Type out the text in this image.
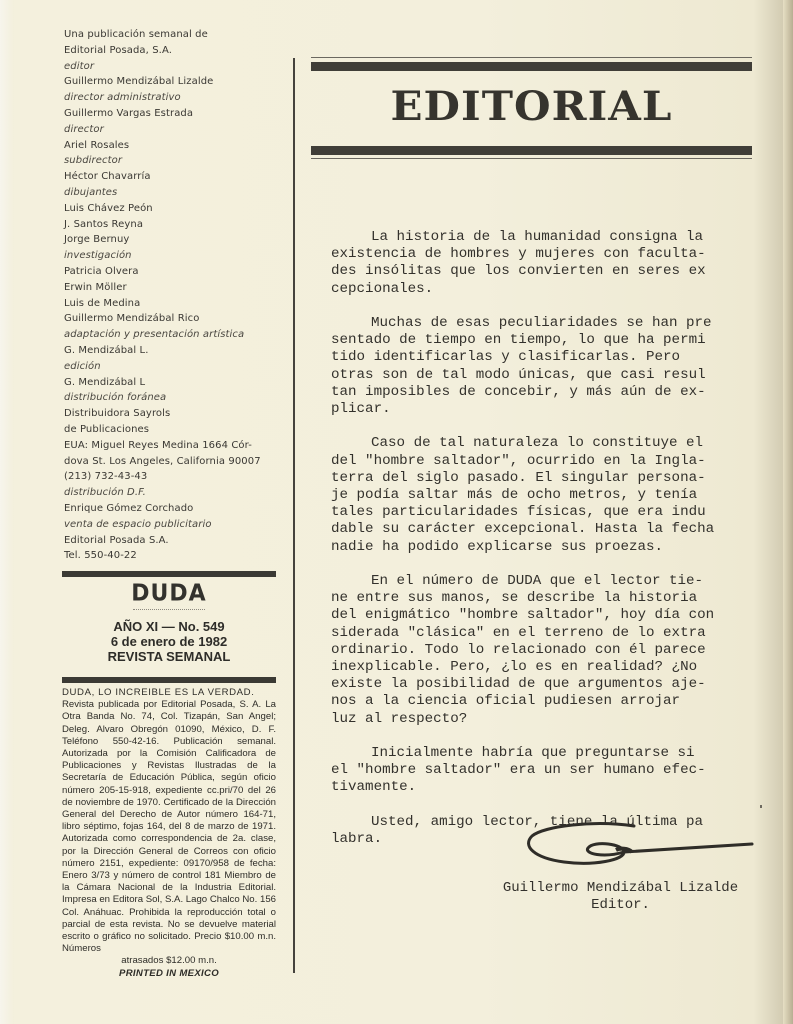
Una publicación semanal de
Editorial Posada, S.A.
editor
Guillermo Mendizábal Lizalde
director administrativo
Guillermo Vargas Estrada
director
Ariel Rosales
subdirector
Héctor Chavarría
dibujantes
Luis Chávez Peón
J. Santos Reyna
Jorge Bernuy
investigación
Patricia Olvera
Erwin Möller
Luis de Medina
Guillermo Mendizábal Rico
adaptación y presentación artística
G. Mendizábal L.
edición
G. Mendizábal L
distribución foránea
Distribuidora Sayrols
de Publicaciones
EUA: Miguel Reyes Medina 1664 Cór-
dova St. Los Angeles, California 90007
(213) 732-43-43
distribución D.F.
Enrique Gómez Corchado
venta de espacio publicitario
Editorial Posada S.A.
Tel. 550-40-22
DUDA
AÑO XI — No. 549
6 de enero de 1982
REVISTA SEMANAL
DUDA, LO INCREIBLE ES LA VERDAD.
Revista publicada por Editorial Posada, S. A. La Otra Banda No. 74, Col. Tizapán, San Angel; Deleg. Alvaro Obregón 01090, México, D. F. Teléfono 550-42-16. Publicación semanal. Autorizada por la Comisión Calificadora de Publicaciones y Revistas Ilustradas de la Secretaría de Educación Pública, según oficio número 205-15-918, expediente cc.pri/70 del 26 de noviembre de 1970. Certificado de la Dirección General del Derecho de Autor número 164-71, libro séptimo, fojas 164, del 8 de marzo de 1971. Autorizada como correspondencia de 2a. clase, por la Dirección General de Correos con oficio número 2151, expediente: 09170/958 de fecha: Enero 3/73 y número de control 181 Miembro de la Cámara Nacional de la Industria Editorial. Impresa en Editora Sol, S.A. Lago Chalco No. 156 Col. Anáhuac. Prohibida la reproducción total o parcial de esta revista. No se devuelve material escrito o gráfico no solicitado. Precio $10.00 m.n. Números
atrasados $12.00 m.n.
PRINTED IN MEXICO
EDITORIAL
La historia de la humanidad consigna la
existencia de hombres y mujeres con faculta-
des insólitas que los convierten en seres ex
cepcionales.
Muchas de esas peculiaridades se han pre
sentado de tiempo en tiempo, lo que ha permi
tido identificarlas y clasificarlas. Pero
otras son de tal modo únicas, que casi resul
tan imposibles de concebir, y más aún de ex-
plicar.
Caso de tal naturaleza lo constituye el
del "hombre saltador", ocurrido en la Ingla-
terra del siglo pasado. El singular persona-
je podía saltar más de ocho metros, y tenía
tales particularidades físicas, que era indu
dable su carácter excepcional. Hasta la fecha
nadie ha podido explicarse sus proezas.
En el número de DUDA que el lector tie-
ne entre sus manos, se describe la historia
del enigmático "hombre saltador", hoy día con
siderada "clásica" en el terreno de lo extra
ordinario. Todo lo relacionado con él parece
inexplicable. Pero, ¿lo es en realidad? ¿No
existe la posibilidad de que argumentos aje-
nos a la ciencia oficial pudiesen arrojar
luz al respecto?
Inicialmente habría que preguntarse si
el "hombre saltador" era un ser humano efec-
tivamente.
Usted, amigo lector, tiene la última pa
labra.
Guillermo Mendizábal Lizalde
Editor.
